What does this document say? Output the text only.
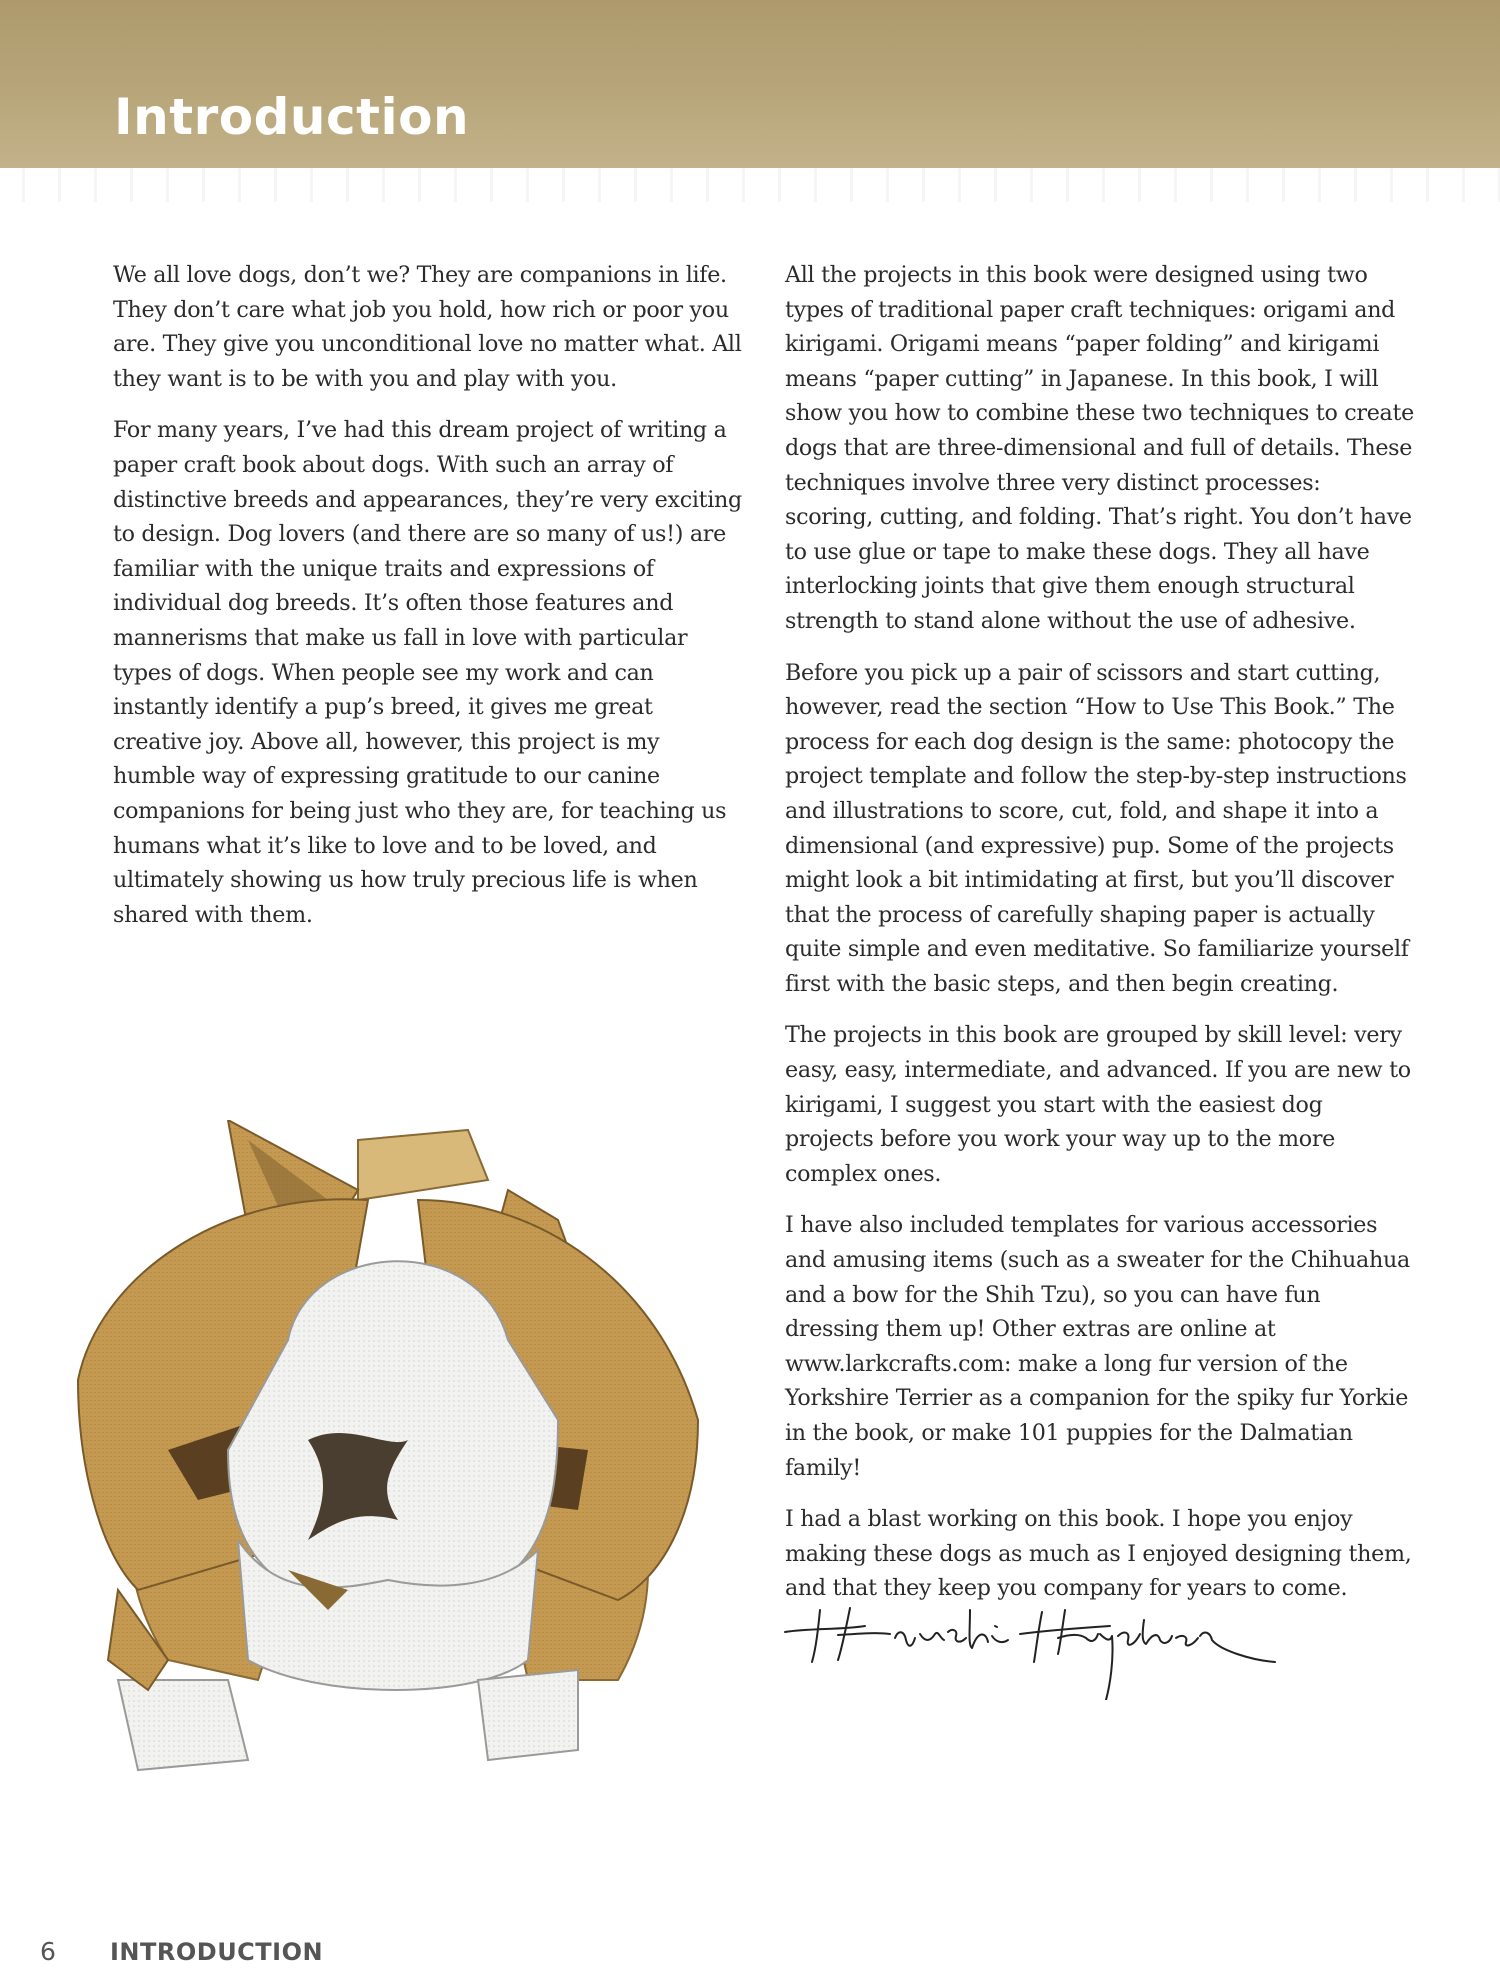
Introduction

We all love dogs, don’t we? They are companions in life. They don’t care what job you hold, how rich or poor you are. They give you unconditional love no matter what. All they want is to be with you and play with you.

For many years, I’ve had this dream project of writing a paper craft book about dogs. With such an array of distinctive breeds and appearances, they’re very exciting to design. Dog lovers (and there are so many of us!) are familiar with the unique traits and expressions of individual dog breeds. It’s often those features and mannerisms that make us fall in love with particular types of dogs. When people see my work and can instantly identify a pup’s breed, it gives me great creative joy. Above all, however, this project is my humble way of expressing gratitude to our canine companions for being just who they are, for teaching us humans what it’s like to love and to be loved, and ultimately showing us how truly precious life is when shared with them.

All the projects in this book were designed using two types of traditional paper craft techniques: origami and kirigami. Origami means “paper folding” and kirigami means “paper cutting” in Japanese. In this book, I will show you how to combine these two techniques to create dogs that are three-dimensional and full of details. These techniques involve three very distinct processes: scoring, cutting, and folding. That’s right. You don’t have to use glue or tape to make these dogs. They all have interlocking joints that give them enough structural strength to stand alone without the use of adhesive.

Before you pick up a pair of scissors and start cutting, however, read the section “How to Use This Book.” The process for each dog design is the same: photocopy the project template and follow the step-by-step instructions and illustrations to score, cut, fold, and shape it into a dimensional (and expressive) pup. Some of the projects might look a bit intimidating at first, but you’ll discover that the process of carefully shaping paper is actually quite simple and even meditative. So familiarize yourself first with the basic steps, and then begin creating.

The projects in this book are grouped by skill level: very easy, easy, intermediate, and advanced. If you are new to kirigami, I suggest you start with the easiest dog projects before you work your way up to the more complex ones.

I have also included templates for various accessories and amusing items (such as a sweater for the Chihuahua and a bow for the Shih Tzu), so you can have fun dressing them up! Other extras are online at www.larkcrafts.com: make a long fur version of the Yorkshire Terrier as a companion for the spiky fur Yorkie in the book, or make 101 puppies for the Dalmatian family!

I had a blast working on this book. I hope you enjoy making these dogs as much as I enjoyed designing them, and that they keep you company for years to come.

6 INTRODUCTION
